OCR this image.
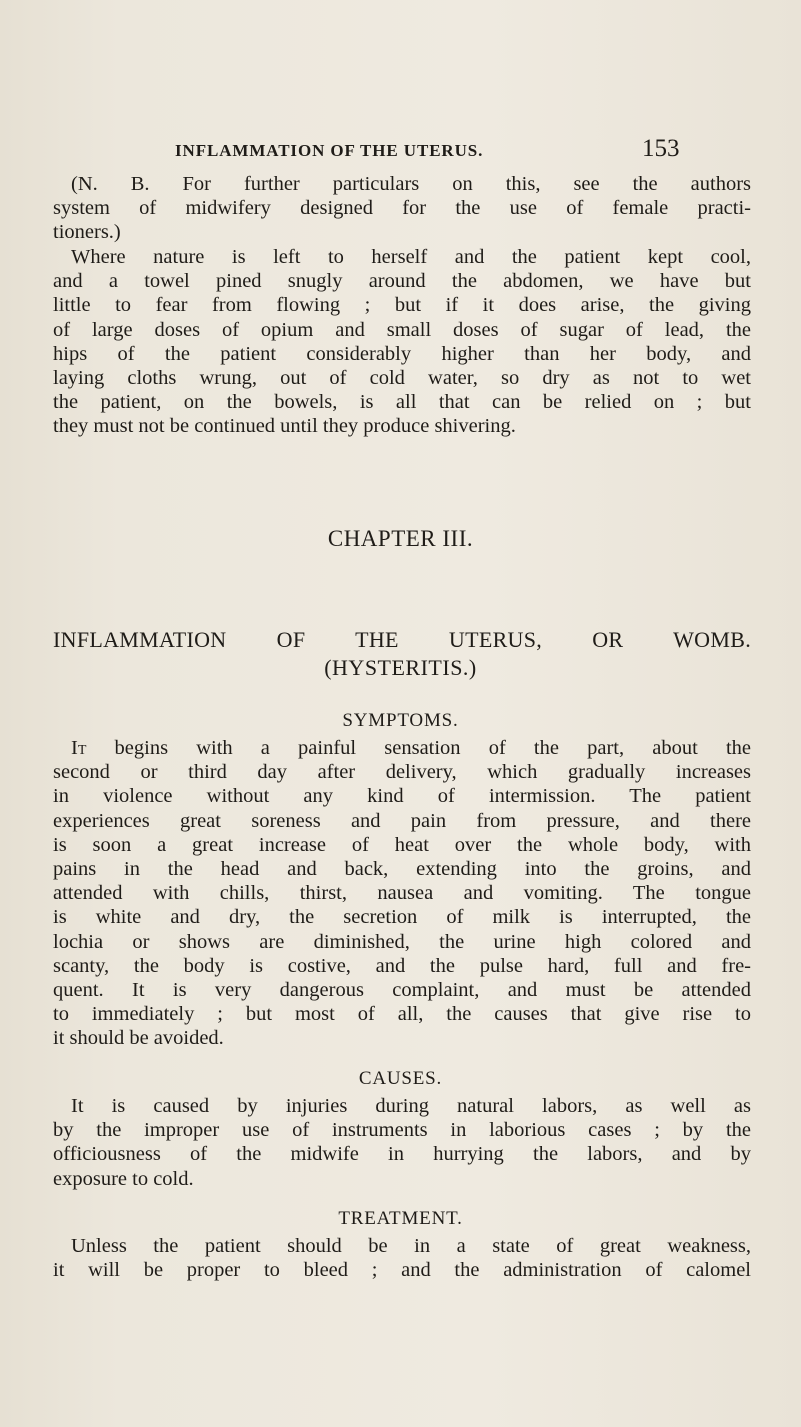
INFLAMMATION OF THE UTERUS.	153
(N. B. For further particulars on this, see the authors
system of midwifery designed for the use of female practi-
tioners.)
Where nature is left to herself and the patient kept cool,
and a towel pined snugly around the abdomen, we have but
little to fear from flowing ; but if it does arise, the giving
of large doses of opium and small doses of sugar of lead, the
hips of the patient considerably higher than her body, and
laying cloths wrung, out of cold water, so dry as not to wet
the patient, on the bowels, is all that can be relied on ; but
they must not be continued until they produce shivering.
CHAPTER III.
INFLAMMATION OF THE UTERUS, OR WOMB.
(HYSTERITIS.)
SYMPTOMS.
It begins with a painful sensation of the part, about the
second or third day after delivery, which gradually increases
in violence without any kind of intermission. The patient
experiences great soreness and pain from pressure, and there
is soon a great increase of heat over the whole body, with
pains in the head and back, extending into the groins, and
attended with chills, thirst, nausea and vomiting. The tongue
is white and dry, the secretion of milk is interrupted, the
lochia or shows are diminished, the urine high colored and
scanty, the body is costive, and the pulse hard, full and fre-
quent. It is very dangerous complaint, and must be attended
to immediately ; but most of all, the causes that give rise to
it should be avoided.
CAUSES.
It is caused by injuries during natural labors, as well as
by the improper use of instruments in laborious cases ; by the
officiousness of the midwife in hurrying the labors, and by
exposure to cold.
TREATMENT.
Unless the patient should be in a state of great weakness,
it will be proper to bleed ; and the administration of calomel
